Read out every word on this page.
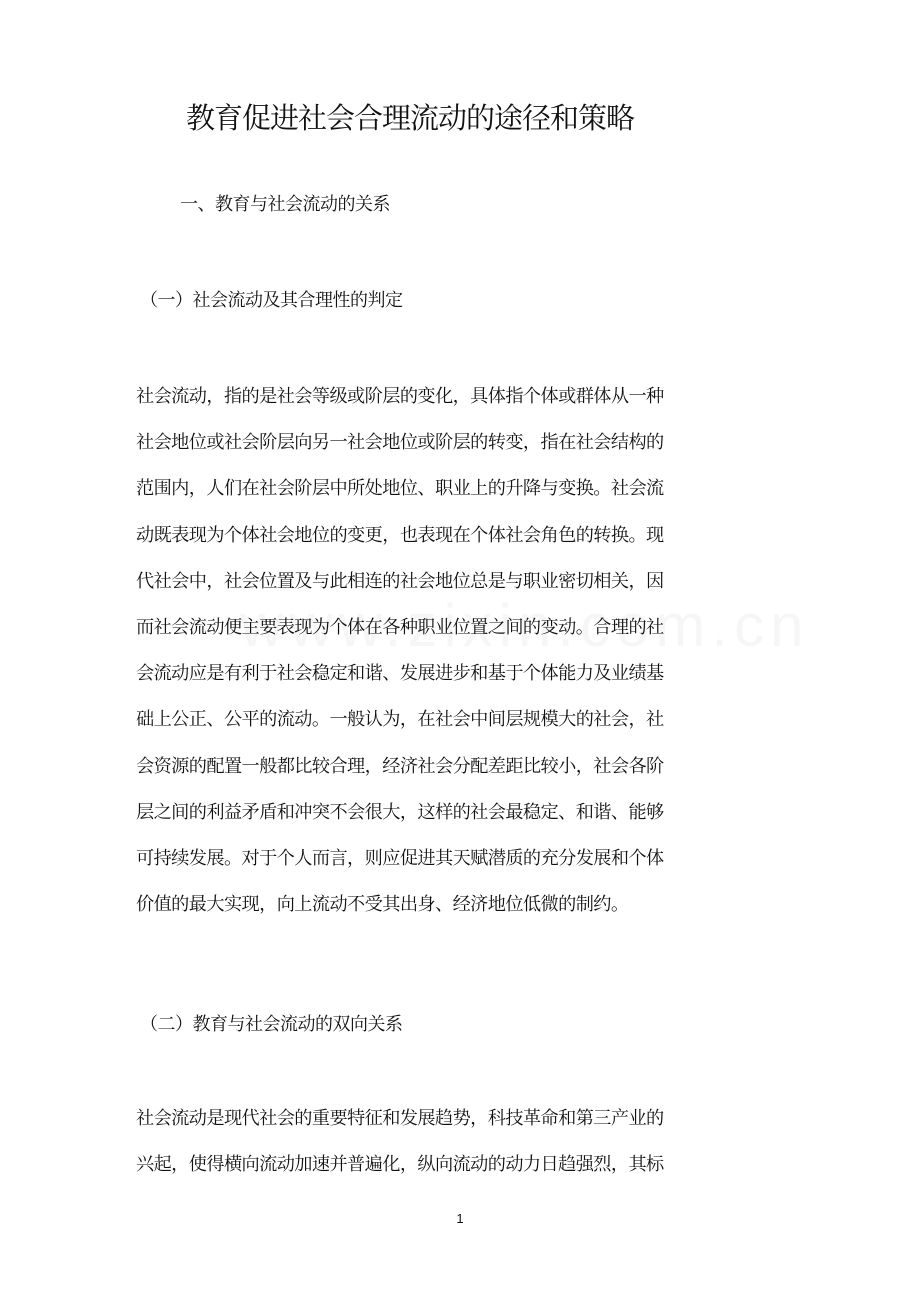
教育促进社会合理流动的途径和策略
一、教育与社会流动的关系
（一）社会流动及其合理性的判定
社会流动，指的是社会等级或阶层的变化，具体指个体或群体从一种
社会地位或社会阶层向另一社会地位或阶层的转变，指在社会结构的
范围内，人们在社会阶层中所处地位、职业上的升降与变换。社会流
动既表现为个体社会地位的变更，也表现在个体社会角色的转换。现
代社会中，社会位置及与此相连的社会地位总是与职业密切相关，因
而社会流动便主要表现为个体在各种职业位置之间的变动。合理的社
会流动应是有利于社会稳定和谐、发展进步和基于个体能力及业绩基
础上公正、公平的流动。一般认为，在社会中间层规模大的社会，社
会资源的配置一般都比较合理，经济社会分配差距比较小，社会各阶
层之间的利益矛盾和冲突不会很大，这样的社会最稳定、和谐、能够
可持续发展。对于个人而言，则应促进其天赋潜质的充分发展和个体
价值的最大实现，向上流动不受其出身、经济地位低微的制约。
（二）教育与社会流动的双向关系
社会流动是现代社会的重要特征和发展趋势，科技革命和第三产业的
兴起，使得横向流动加速并普遍化，纵向流动的动力日趋强烈，其标
1
